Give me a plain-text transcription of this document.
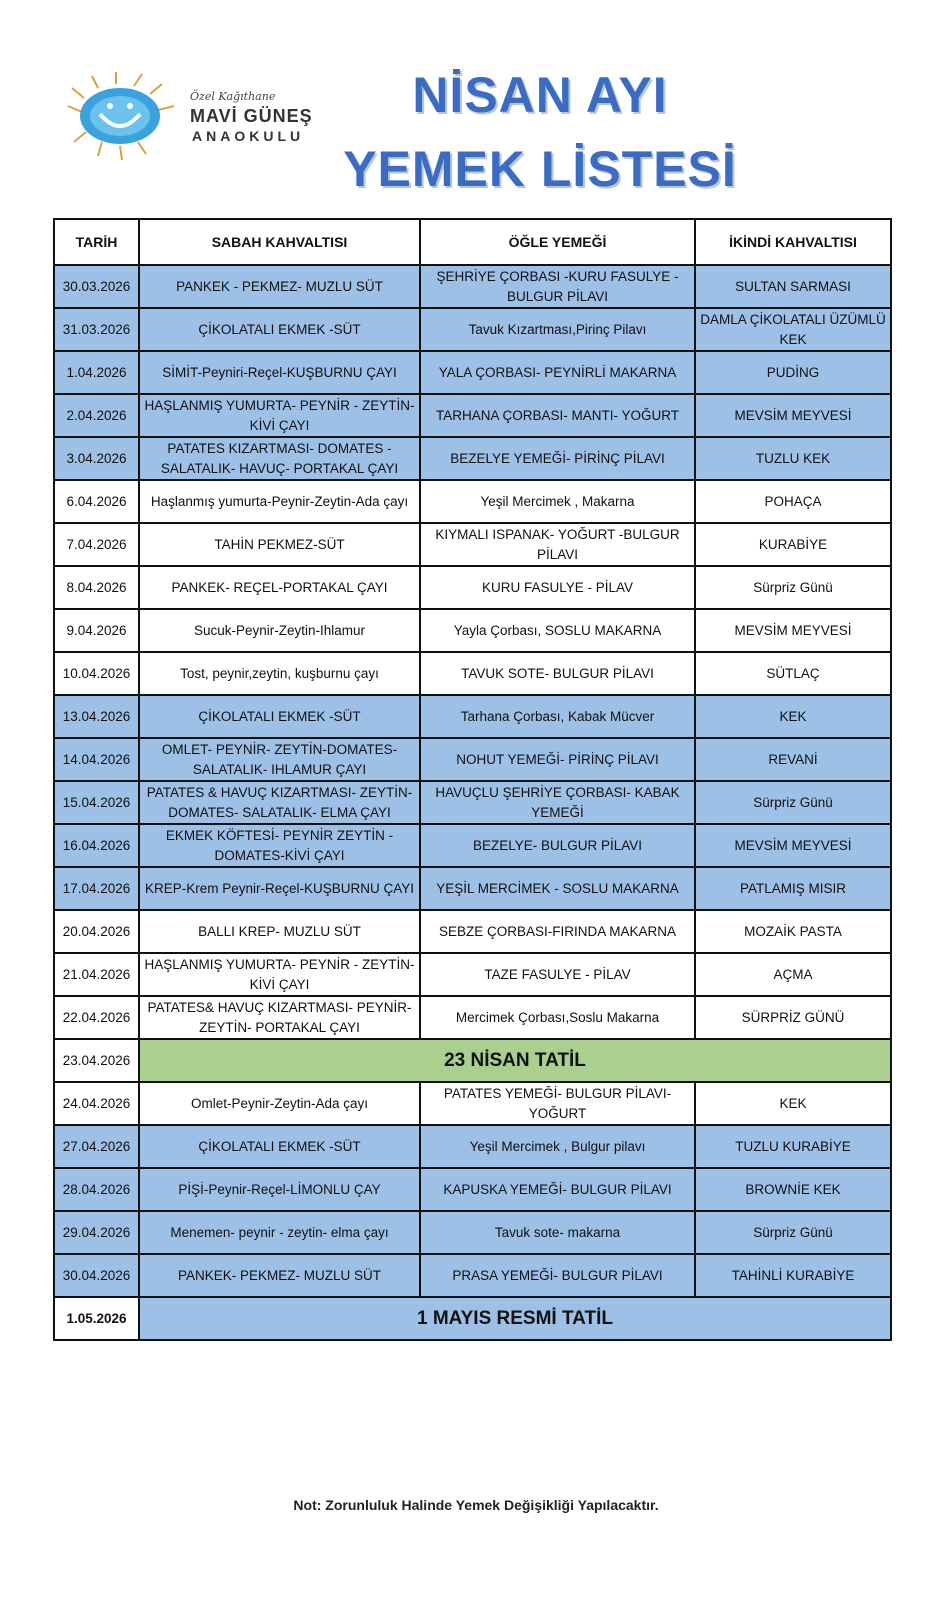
Özel Kağıthane
MAVİ GÜNEŞ
ANAOKULU
NİSAN AYI
YEMEK LİSTESİ
TARİH	SABAH KAHVALTISI	ÖĞLE YEMEĞİ	İKİNDİ KAHVALTISI
30.03.2026	PANKEK - PEKMEZ- MUZLU SÜT	ŞEHRİYE ÇORBASI -KURU FASULYE - BULGUR PİLAVI	SULTAN SARMASI
31.03.2026	ÇİKOLATALI EKMEK -SÜT	Tavuk Kızartması,Pirinç Pilavı	DAMLA ÇİKOLATALI ÜZÜMLÜ KEK
1.04.2026	SİMİT-Peyniri-Reçel-KUŞBURNU ÇAYI	YALA ÇORBASI- PEYNİRLİ MAKARNA	PUDİNG
2.04.2026	HAŞLANMIŞ YUMURTA- PEYNİR - ZEYTİN-KİVİ ÇAYI	TARHANA ÇORBASI- MANTI- YOĞURT	MEVSİM MEYVESİ
3.04.2026	PATATES KIZARTMASI- DOMATES - SALATALIK- HAVUÇ- PORTAKAL ÇAYI	BEZELYE YEMEĞİ- PİRİNÇ PİLAVI	TUZLU KEK
6.04.2026	Haşlanmış yumurta-Peynir-Zeytin-Ada çayı	Yeşil Mercimek , Makarna	POHAÇA
7.04.2026	TAHİN PEKMEZ-SÜT	KIYMALI ISPANAK- YOĞURT -BULGUR PİLAVI	KURABİYE
8.04.2026	PANKEK- REÇEL-PORTAKAL ÇAYI	KURU FASULYE - PİLAV	Sürpriz Günü
9.04.2026	Sucuk-Peynir-Zeytin-Ihlamur	Yayla Çorbası, SOSLU MAKARNA	MEVSİM MEYVESİ
10.04.2026	Tost, peynir,zeytin, kuşburnu çayı	TAVUK SOTE- BULGUR PİLAVI	SÜTLAÇ
13.04.2026	ÇİKOLATALI EKMEK -SÜT	Tarhana Çorbası, Kabak Mücver	KEK
14.04.2026	OMLET- PEYNİR- ZEYTİN-DOMATES-SALATALIK- IHLAMUR ÇAYI	NOHUT YEMEĞİ- PİRİNÇ PİLAVI	REVANİ
15.04.2026	PATATES & HAVUÇ KIZARTMASI- ZEYTİN-DOMATES- SALATALIK- ELMA ÇAYI	HAVUÇLU ŞEHRİYE ÇORBASI- KABAK YEMEĞİ	Sürpriz Günü
16.04.2026	EKMEK KÖFTESİ- PEYNİR ZEYTİN - DOMATES-KİVİ ÇAYI	BEZELYE- BULGUR PİLAVI	MEVSİM MEYVESİ
17.04.2026	KREP-Krem Peynir-Reçel-KUŞBURNU ÇAYI	YEŞİL MERCİMEK - SOSLU MAKARNA	PATLAMIŞ MISIR
20.04.2026	BALLI KREP- MUZLU SÜT	SEBZE ÇORBASI-FIRINDA MAKARNA	MOZAİK PASTA
21.04.2026	HAŞLANMIŞ YUMURTA- PEYNİR - ZEYTİN-KİVİ ÇAYI	TAZE FASULYE - PİLAV	AÇMA
22.04.2026	PATATES& HAVUÇ KIZARTMASI- PEYNİR-ZEYTİN- PORTAKAL ÇAYI	Mercimek Çorbası,Soslu Makarna	SÜRPRİZ GÜNÜ
23.04.2026	23 NİSAN TATİL		
24.04.2026	Omlet-Peynir-Zeytin-Ada çayı	PATATES YEMEĞİ- BULGUR PİLAVI-YOĞURT	KEK
27.04.2026	ÇİKOLATALI EKMEK -SÜT	Yeşil Mercimek , Bulgur pilavı	TUZLU KURABİYE
28.04.2026	PİŞİ-Peynir-Reçel-LİMONLU ÇAY	KAPUSKA YEMEĞİ- BULGUR PİLAVI	BROWNİE KEK
29.04.2026	Menemen- peynir - zeytin- elma çayı	Tavuk sote- makarna	Sürpriz Günü
30.04.2026	PANKEK- PEKMEZ- MUZLU SÜT	PRASA YEMEĞİ- BULGUR PİLAVI	TAHİNLİ KURABİYE
1.05.2026	1 MAYIS RESMİ TATİL		
Not: Zorunluluk Halinde Yemek Değişikliği Yapılacaktır.
